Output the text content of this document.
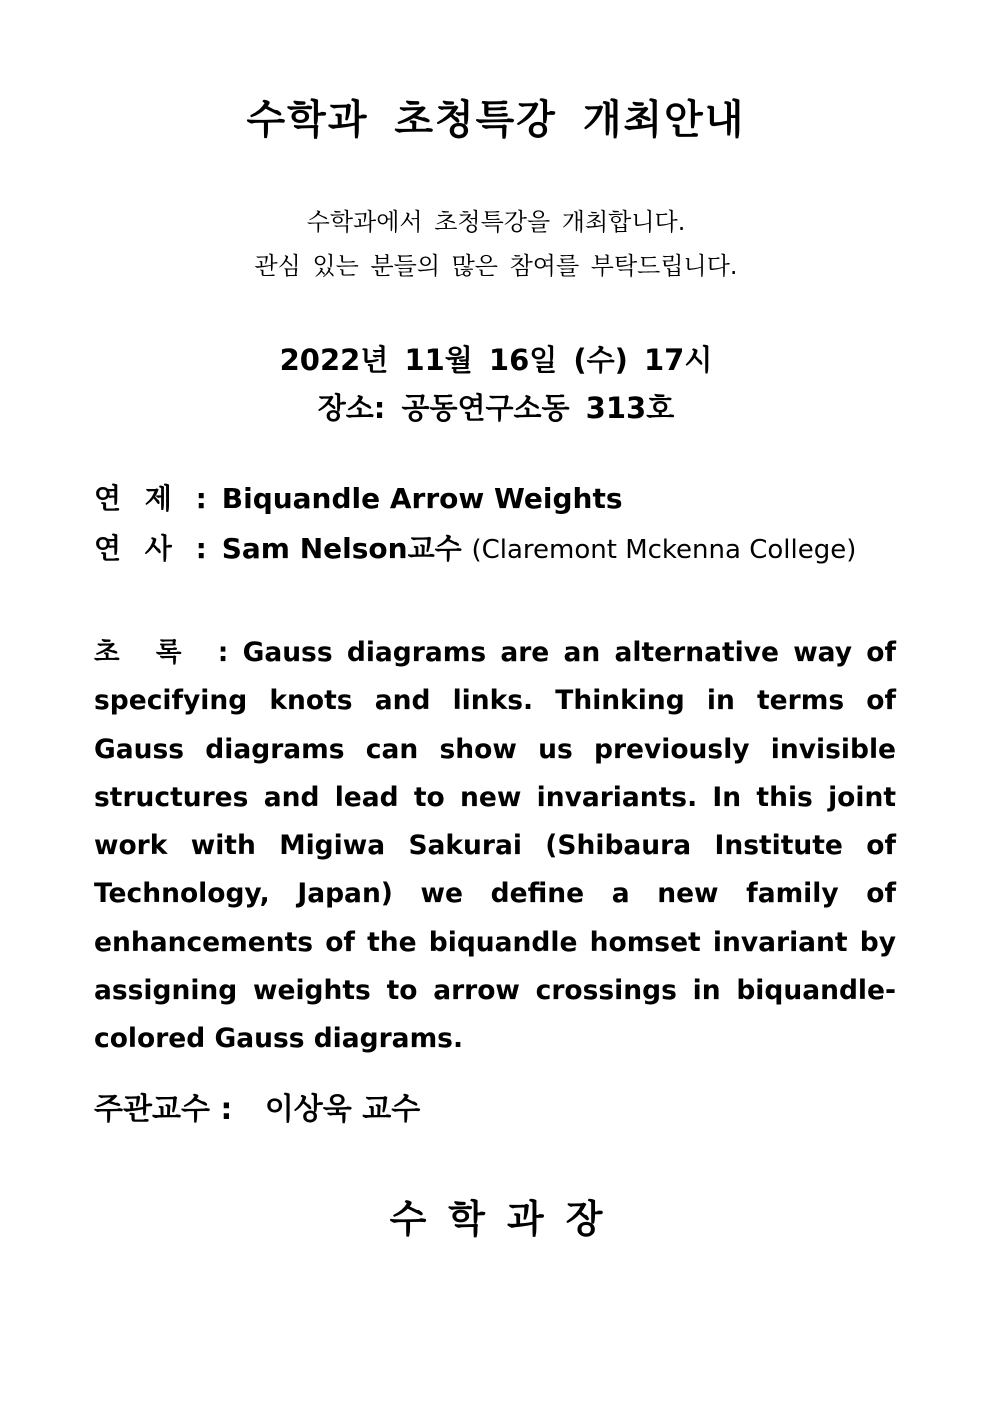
수학과 초청특강 개최안내
수학과에서 초청특강을 개최합니다.
관심 있는 분들의 많은 참여를 부탁드립니다.
2022년 11월 16일 (수) 17시
장소: 공동연구소동 313호
연 제 : Biquandle Arrow Weights
연 사 : Sam Nelson교수 (Claremont Mckenna College)
초 록 : Gauss diagrams are an alternative way of specifying knots and links. Thinking in terms of Gauss diagrams can show us previously invisible structures and lead to new invariants. In this joint work with Migiwa Sakurai (Shibaura Institute of Technology, Japan) we define a new family of enhancements of the biquandle homset invariant by assigning weights to arrow crossings in biquandle-colored Gauss diagrams.
주관교수 : 이상욱 교수
수학과장
